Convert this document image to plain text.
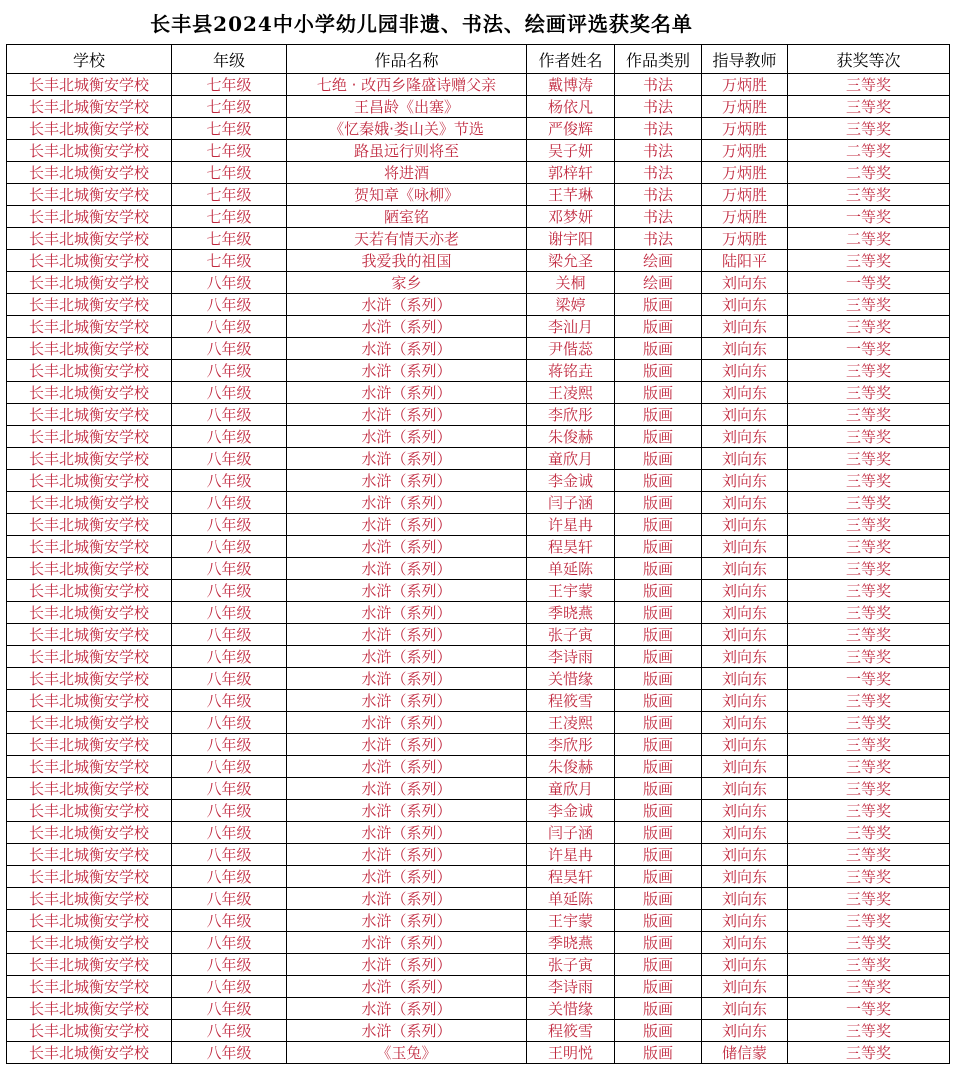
长丰县2024中小学幼儿园非遗、书法、绘画评选获奖名单
学校	年级	作品名称	作者姓名	作品类别	指导教师	获奖等次
长丰北城衡安学校	七年级	七绝 · 改西乡隆盛诗赠父亲	戴博涛	书法	万炳胜	三等奖
长丰北城衡安学校	七年级	王昌龄《出塞》	杨依凡	书法	万炳胜	三等奖
长丰北城衡安学校	七年级	《忆秦娥·娄山关》节选	严俊辉	书法	万炳胜	三等奖
长丰北城衡安学校	七年级	路虽远行则将至	吴子妍	书法	万炳胜	二等奖
长丰北城衡安学校	七年级	将进酒	郭梓轩	书法	万炳胜	二等奖
长丰北城衡安学校	七年级	贺知章《咏柳》	王芊琳	书法	万炳胜	三等奖
长丰北城衡安学校	七年级	陋室铭	邓梦妍	书法	万炳胜	一等奖
长丰北城衡安学校	七年级	天若有情天亦老	谢宇阳	书法	万炳胜	二等奖
长丰北城衡安学校	七年级	我爱我的祖国	梁允圣	绘画	陆阳平	三等奖
长丰北城衡安学校	八年级	家乡	关桐	绘画	刘向东	一等奖
长丰北城衡安学校	八年级	水浒（系列）	梁婷	版画	刘向东	三等奖
长丰北城衡安学校	八年级	水浒（系列）	李汕月	版画	刘向东	三等奖
长丰北城衡安学校	八年级	水浒（系列）	尹偕蕊	版画	刘向东	一等奖
长丰北城衡安学校	八年级	水浒（系列）	蒋铭垚	版画	刘向东	三等奖
长丰北城衡安学校	八年级	水浒（系列）	王凌熙	版画	刘向东	三等奖
长丰北城衡安学校	八年级	水浒（系列）	李欣彤	版画	刘向东	三等奖
长丰北城衡安学校	八年级	水浒（系列）	朱俊赫	版画	刘向东	三等奖
长丰北城衡安学校	八年级	水浒（系列）	童欣月	版画	刘向东	三等奖
长丰北城衡安学校	八年级	水浒（系列）	李金诚	版画	刘向东	三等奖
长丰北城衡安学校	八年级	水浒（系列）	闫子涵	版画	刘向东	三等奖
长丰北城衡安学校	八年级	水浒（系列）	许星冉	版画	刘向东	三等奖
长丰北城衡安学校	八年级	水浒（系列）	程昊轩	版画	刘向东	三等奖
长丰北城衡安学校	八年级	水浒（系列）	单延陈	版画	刘向东	三等奖
长丰北城衡安学校	八年级	水浒（系列）	王宇蒙	版画	刘向东	三等奖
长丰北城衡安学校	八年级	水浒（系列）	季晓燕	版画	刘向东	三等奖
长丰北城衡安学校	八年级	水浒（系列）	张子寅	版画	刘向东	三等奖
长丰北城衡安学校	八年级	水浒（系列）	李诗雨	版画	刘向东	三等奖
长丰北城衡安学校	八年级	水浒（系列）	关惜缘	版画	刘向东	一等奖
长丰北城衡安学校	八年级	水浒（系列）	程筱雪	版画	刘向东	三等奖
长丰北城衡安学校	八年级	水浒（系列）	王凌熙	版画	刘向东	三等奖
长丰北城衡安学校	八年级	水浒（系列）	李欣彤	版画	刘向东	三等奖
长丰北城衡安学校	八年级	水浒（系列）	朱俊赫	版画	刘向东	三等奖
长丰北城衡安学校	八年级	水浒（系列）	童欣月	版画	刘向东	三等奖
长丰北城衡安学校	八年级	水浒（系列）	李金诚	版画	刘向东	三等奖
长丰北城衡安学校	八年级	水浒（系列）	闫子涵	版画	刘向东	三等奖
长丰北城衡安学校	八年级	水浒（系列）	许星冉	版画	刘向东	三等奖
长丰北城衡安学校	八年级	水浒（系列）	程昊轩	版画	刘向东	三等奖
长丰北城衡安学校	八年级	水浒（系列）	单延陈	版画	刘向东	三等奖
长丰北城衡安学校	八年级	水浒（系列）	王宇蒙	版画	刘向东	三等奖
长丰北城衡安学校	八年级	水浒（系列）	季晓燕	版画	刘向东	三等奖
长丰北城衡安学校	八年级	水浒（系列）	张子寅	版画	刘向东	三等奖
长丰北城衡安学校	八年级	水浒（系列）	李诗雨	版画	刘向东	三等奖
长丰北城衡安学校	八年级	水浒（系列）	关惜缘	版画	刘向东	一等奖
长丰北城衡安学校	八年级	水浒（系列）	程筱雪	版画	刘向东	三等奖
长丰北城衡安学校	八年级	《玉兔》	王明悦	版画	储信蒙	三等奖
